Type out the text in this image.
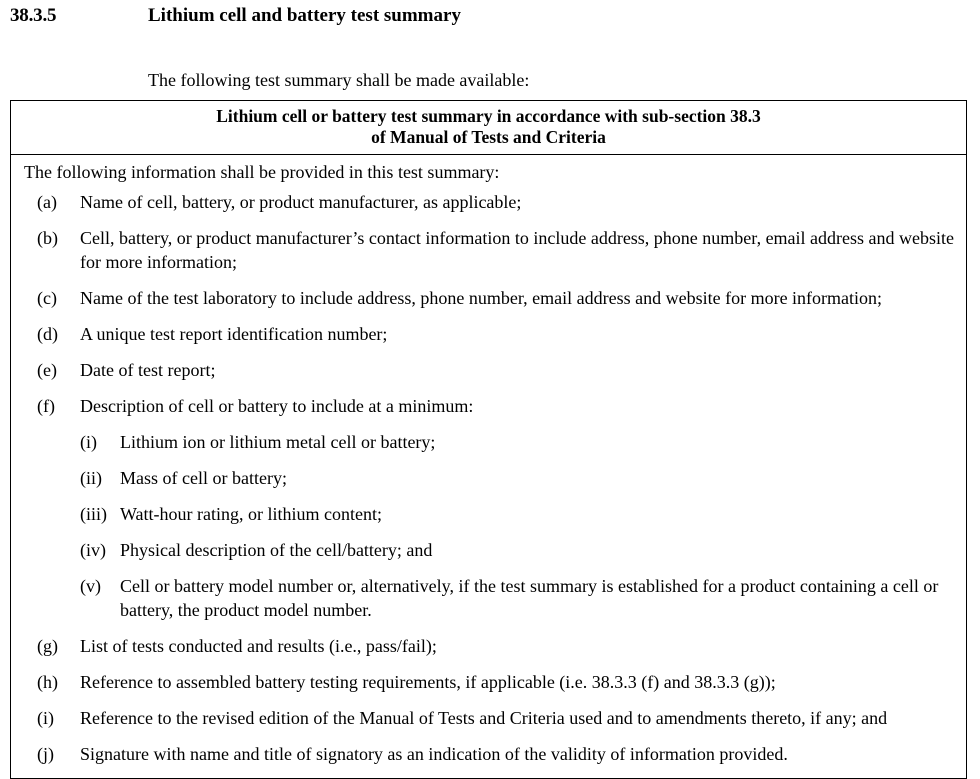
38.3.5	Lithium cell and battery test summary

The following test summary shall be made available:

Lithium cell or battery test summary in accordance with sub-section 38.3
of Manual of Tests and Criteria

The following information shall be provided in this test summary:

(a) Name of cell, battery, or product manufacturer, as applicable;
(b) Cell, battery, or product manufacturer’s contact information to include address, phone number, email address and website for more information;
(c) Name of the test laboratory to include address, phone number, email address and website for more information;
(d) A unique test report identification number;
(e) Date of test report;
(f) Description of cell or battery to include at a minimum:
(i) Lithium ion or lithium metal cell or battery;
(ii) Mass of cell or battery;
(iii) Watt-hour rating, or lithium content;
(iv) Physical description of the cell/battery; and
(v) Cell or battery model number or, alternatively, if the test summary is established for a product containing a cell or battery, the product model number.
(g) List of tests conducted and results (i.e., pass/fail);
(h) Reference to assembled battery testing requirements, if applicable (i.e. 38.3.3 (f) and 38.3.3 (g));
(i) Reference to the revised edition of the Manual of Tests and Criteria used and to amendments thereto, if any; and
(j) Signature with name and title of signatory as an indication of the validity of information provided.
